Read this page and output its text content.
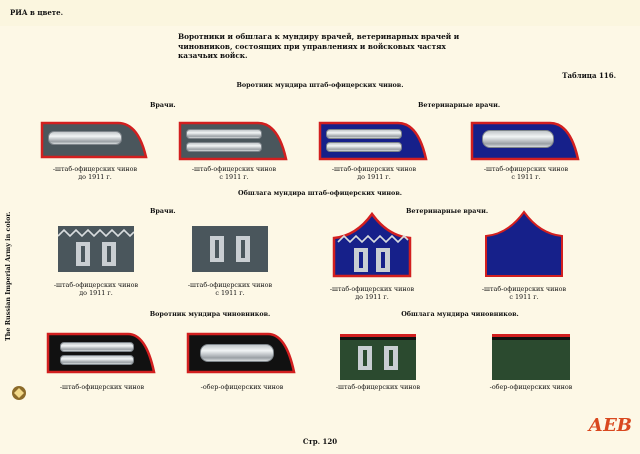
РИА в цвете.
Воротники и обшлага к мундиру врачей, ветеринарных врачей и чиновников, состоящих при управлениях и войсковых частях казачьих войск.
Таблица 116.
Воротник мундира штаб-офицерских чинов.
Врачи.	Ветеринарные врачи.
-штаб-офицерских чинов
до 1911 г.
-штаб-офицерских чинов
с 1911 г.
-штаб-офицерских чинов
до 1911 г.
-штаб-офицерских чинов
с 1911 г.
Обшлага мундира штаб-офицерских чинов.
Врачи.	Ветеринарные врачи.
-штаб-офицерских чинов
до 1911 г.
-штаб-офицерских чинов
с 1911 г.	-штаб-офицерских чинов
до 1911 г.
-штаб-офицерских чинов
с 1911 г.
Воротник мундира чиновников.	Обшлага мундира чиновников.
-штаб-офицерских чинов	-обер-офицерских чинов	-штаб-офицерских чинов	-обер-офицерских чинов
The Russian Imperial Army in color.
АЕВ
Стр. 120
